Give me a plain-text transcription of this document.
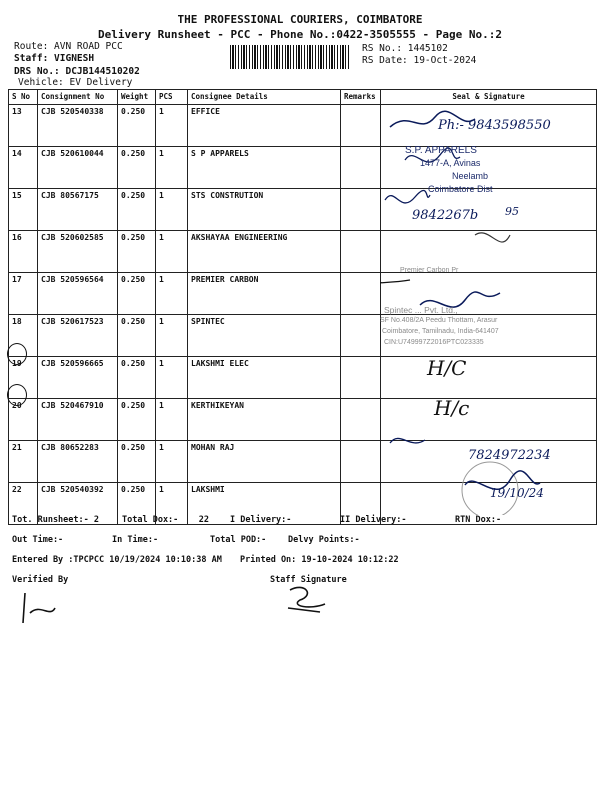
THE PROFESSIONAL COURIERS, COIMBATORE
Delivery Runsheet - PCC - Phone No.:0422-3505555 - Page No.:2
Route: AVN ROAD PCC
Staff: VIGNESH
DRS No.: DCJB144510202
Vehicle: EV Delivery
RS No.: 1445102
RS Date: 19-Oct-2024
S No	Consignment No	Weight	PCS	Consignee Details	Remarks	Seal & Signature
13	CJB 520540338	0.250	1	EFFICE		
14	CJB 520610044	0.250	1	S P APPARELS		
15	CJB 80567175	0.250	1	STS CONSTRUTION		
16	CJB 520602585	0.250	1	AKSHAYAA ENGINEERING		
17	CJB 520596564	0.250	1	PREMIER CARBON		
18	CJB 520617523	0.250	1	SPINTEC		
19	CJB 520596665	0.250	1	LAKSHMI ELEC		
20	CJB 520467910	0.250	1	KERTHIKEYAN		
21	CJB 80652283	0.250	1	MOHAN RAJ		
22	CJB 520540392	0.250	1	LAKSHMI		
Ph:- 9843598550
9842267b 95
H/C
H/c
7824972234
19/10/24
S.P. APPARELS
1477-A, Avinas
Neelamb
Coimbatore Dist
Premier Carbon Pr
Spintec ... Pvt. Ltd.,
SF No.408/2A Peedu Thottam, Arasur
Coimbatore, Tamilnadu, India-641407
CIN:U749997Z2016PTC023335
Tot. Runsheet:- 2	Total Dox:-    22 I Delivery:-	II Delivery:-	RTN Dox:-
Out Time:-	In Time:-	Total POD:-	Delvy Points:-
Entered By :TPCPCC 10/19/2024 10:10:38 AM Printed On: 19-10-2024 10:12:22
Verified By	Staff Signature
